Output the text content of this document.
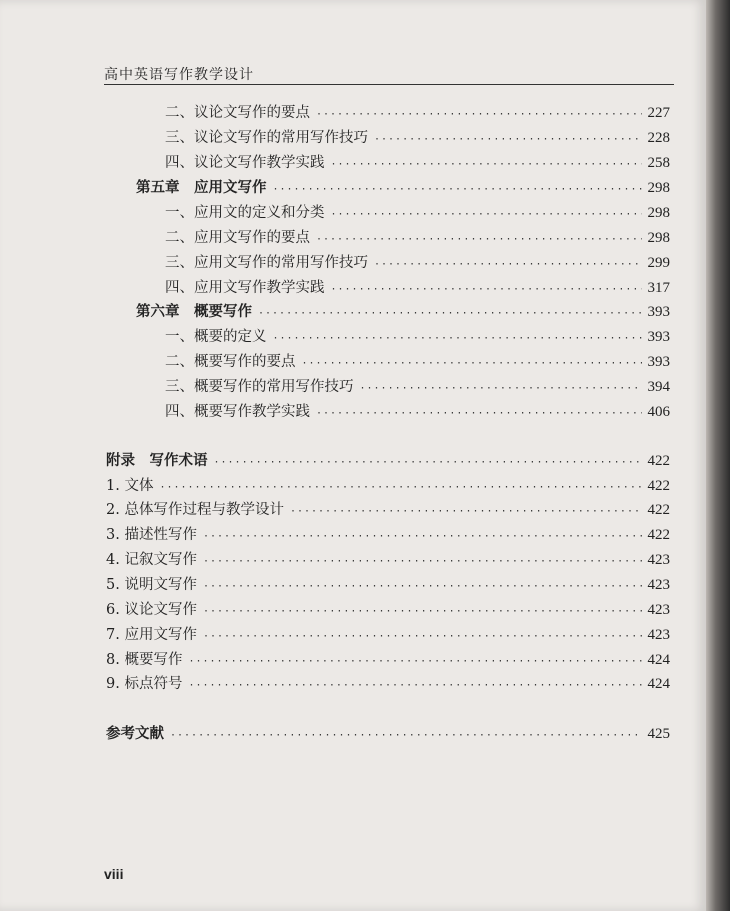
高中英语写作教学设计
二、议论文写作的要点 ·····	227
三、议论文写作的常用写作技巧 ·····	228
四、议论文写作教学实践 ·····	258
第五章　应用文写作 ·····	298
一、应用文的定义和分类 ·····	298
二、应用文写作的要点 ·····	298
三、应用文写作的常用写作技巧 ·····	299
四、应用文写作教学实践 ·····	317
第六章　概要写作 ·····	393
一、概要的定义 ·····	393
二、概要写作的要点 ·····	393
三、概要写作的常用写作技巧 ·····	394
四、概要写作教学实践 ·····	406
附录　写作术语 ·····	422
1. 文体 ·····	422
2. 总体写作过程与教学设计 ·····	422
3. 描述性写作 ·····	422
4. 记叙文写作 ·····	423
5. 说明文写作 ·····	423
6. 议论文写作 ·····	423
7. 应用文写作 ·····	423
8. 概要写作 ·····	424
9. 标点符号 ·····	424
参考文献 ·····	425
viii
